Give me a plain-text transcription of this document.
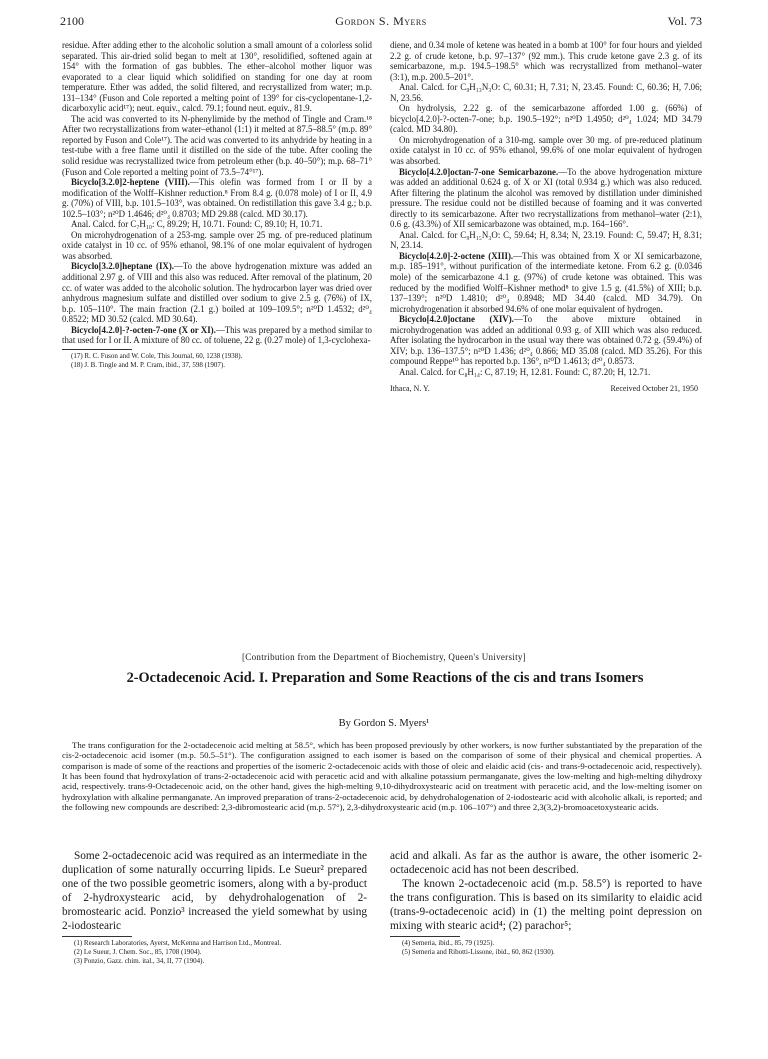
2100	Gordon S. Myers	Vol. 73

residue. After adding ether to the alcoholic solution a small amount of a colorless solid separated. This air-dried solid began to melt at 130°, resolidified, softened again at 154° with the formation of gas bubbles. The ether–alcohol mother liquor was evaporated to a clear liquid which solidified on standing for one day at room temperature. Ether was added, the solid filtered, and recrystallized from water; m.p. 131–134° (Fuson and Cole reported a melting point of 139° for cis-cyclopentane-1,2-dicarboxylic acid¹⁷); neut. equiv., calcd. 79.1; found neut. equiv., 81.9.

The acid was converted to its N-phenylimide by the method of Tingle and Cram.¹⁸ After two recrystallizations from water–ethanol (1:1) it melted at 87.5–88.5° (m.p. 89° reported by Fuson and Cole¹⁷). The acid was converted to its anhydride by heating in a test-tube with a free flame until it distilled on the side of the tube. After cooling the solid residue was recrystallized twice from petroleum ether (b.p. 40–50°); m.p. 68–71° (Fuson and Cole reported a melting point of 73.5–74°¹⁷).

Bicyclo[3.2.0]2-heptene (VIII).—This olefin was formed from I or II by a modification of the Wolff–Kishner reduction.⁸ From 8.4 g. (0.078 mole) of I or II, 4.9 g. (70%) of VIII, b.p. 101.5–103°, was obtained. On redistillation this gave 3.4 g.; b.p. 102.5–103°; n²⁰D 1.4646; d²⁰₄ 0.8703; MD 29.88 (calcd. MD 30.17).

Anal. Calcd. for C₇H₁₀: C, 89.29; H, 10.71. Found: C, 89.10; H, 10.71.

On microhydrogenation of a 253-mg. sample over 25 mg. of pre-reduced platinum oxide catalyst in 10 cc. of 95% ethanol, 98.1% of one molar equivalent of hydrogen was absorbed.

Bicyclo[3.2.0]heptane (IX).—To the above hydrogenation mixture was added an additional 2.97 g. of VIII and this also was reduced. After removal of the platinum, 20 cc. of water was added to the alcoholic solution. The hydrocarbon layer was dried over anhydrous magnesium sulfate and distilled over sodium to give 2.5 g. (76%) of IX, b.p. 105–110°. The main fraction (2.1 g.) boiled at 109–109.5°; n²⁰D 1.4532; d²⁰₄ 0.8522; MD 30.52 (calcd. MD 30.64).

Bicyclo[4.2.0]-?-octen-7-one (X or XI).—This was prepared by a method similar to that used for I or II. A mixture of 80 cc. of toluene, 22 g. (0.27 mole) of 1,3-cyclohexa-

(17) R. C. Fuson and W. Cole, This Journal, 60, 1238 (1938).

(18) J. B. Tingle and M. P. Cram, ibid., 37, 598 (1907).

diene, and 0.34 mole of ketene was heated in a bomb at 100° for four hours and yielded 2.2 g. of crude ketone, b.p. 97–137° (92 mm.). This crude ketone gave 2.3 g. of its semicarbazone, m.p. 194.5–198.5° which was recrystallized from methanol–water (3:1), m.p. 200.5–201°.

Anal. Calcd. for C₉H₁₃N₃O: C, 60.31; H, 7.31; N, 23.45. Found: C, 60.36; H, 7.06; N, 23.56.

On hydrolysis, 2.22 g. of the semicarbazone afforded 1.00 g. (66%) of bicyclo[4.2.0]-?-octen-7-one; b.p. 190.5–192°; n²⁰D 1.4950; d²⁰₄ 1.024; MD 34.79 (calcd. MD 34.80).

On microhydrogenation of a 310-mg. sample over 30 mg. of pre-reduced platinum oxide catalyst in 10 cc. of 95% ethanol, 99.6% of one molar equivalent of hydrogen was absorbed.

Bicyclo[4.2.0]octan-7-one Semicarbazone.—To the above hydrogenation mixture was added an additional 0.624 g. of X or XI (total 0.934 g.) which was also reduced. After filtering the platinum the alcohol was removed by distillation under diminished pressure. The residue could not be distilled because of foaming and it was converted directly to its semicarbazone. After two recrystallizations from methanol–water (2:1), 0.6 g. (43.3%) of XII semicarbazone was obtained, m.p. 164–166°.

Anal. Calcd. for C₉H₁₅N₃O: C, 59.64; H, 8.34; N, 23.19. Found: C, 59.47; H, 8.31; N, 23.14.

Bicyclo[4.2.0]-2-octene (XIII).—This was obtained from X or XI semicarbazone, m.p. 185–191°, without purification of the intermediate ketone. From 6.2 g. (0.0346 mole) of the semicarbazone 4.1 g. (97%) of crude ketone was obtained. This was reduced by the modified Wolff–Kishner method⁸ to give 1.5 g. (41.5%) of XIII; b.p. 137–139°; n²⁰D 1.4810; d²⁰₄ 0.8948; MD 34.40 (calcd. MD 34.79). On microhydrogenation it absorbed 94.6% of one molar equivalent of hydrogen.

Bicyclo[4.2.0]octane (XIV).—To the above mixture obtained in microhydrogenation was added an additional 0.93 g. of XIII which was also reduced. After isolating the hydrocarbon in the usual way there was obtained 0.72 g. (59.4%) of XIV; b.p. 136–137.5°; n²⁰D 1.436; d²⁰₄ 0.866; MD 35.08 (calcd. MD 35.26). For this compound Reppe¹⁰ has reported b.p. 136°, n²⁰D 1.4613; d²⁰₄ 0.8573.

Anal. Calcd. for C₈H₁₄: C, 87.19; H, 12.81. Found: C, 87.20; H, 12.71.

Ithaca, N. Y.	Received October 21, 1950
[Contribution from the Department of Biochemistry, Queen's University]
2-Octadecenoic Acid. I. Preparation and Some Reactions of the cis and trans Isomers
By Gordon S. Myers¹

The trans configuration for the 2-octadecenoic acid melting at 58.5°, which has been proposed previously by other workers, is now further substantiated by the preparation of the cis-2-octadecenoic acid isomer (m.p. 50.5–51°). The configuration assigned to each isomer is based on the comparison of some of their physical and chemical properties. A comparison is made of some of the reactions and properties of the isomeric 2-octadecenoic acids with those of oleic and elaidic acid (cis- and trans-9-octadecenoic acid, respectively). It has been found that hydroxylation of trans-2-octadecenoic acid with peracetic acid and with alkaline potassium permanganate, gives the low-melting and high-melting dihydroxy acid, respectively. trans-9-Octadecenoic acid, on the other hand, gives the high-melting 9,10-dihydroxystearic acid on treatment with peracetic acid, and the low-melting isomer on hydroxylation with alkaline permanganate. An improved preparation of trans-2-octadecenoic acid, by dehydrohalogenation of 2-iodostearic acid with alcoholic alkali, is reported; and the following new compounds are described: 2,3-dibromostearic acid (m.p. 57°), 2,3-dihydroxystearic acid (m.p. 106–107°) and three 2,3(3,2)-bromoacetoxystearic acids.

Some 2-octadecenoic acid was required as an intermediate in the duplication of some naturally occurring lipids. Le Sueur² prepared one of the two possible geometric isomers, along with a by-product of 2-hydroxystearic acid, by dehydrohalogenation of 2-bromostearic acid. Ponzio³ increased the yield somewhat by using 2-iodostearic

(1) Research Laboratories, Ayerst, McKenna and Harrison Ltd., Montreal.

(2) Le Sueur, J. Chem. Soc., 85, 1708 (1904).

(3) Ponzio, Gazz. chim. ital., 34, II, 77 (1904).

acid and alkali. As far as the author is aware, the other isomeric 2-octadecenoic acid has not been described.

The known 2-octadecenoic acid (m.p. 58.5°) is reported to have the trans configuration. This is based on its similarity to elaidic acid (trans-9-octadecenoic acid) in (1) the melting point depression on mixing with stearic acid⁴; (2) parachor⁵;

(4) Semeria, ibid., 85, 79 (1925).

(5) Semeria and Ribotti-Lissone, ibid., 60, 862 (1930).
